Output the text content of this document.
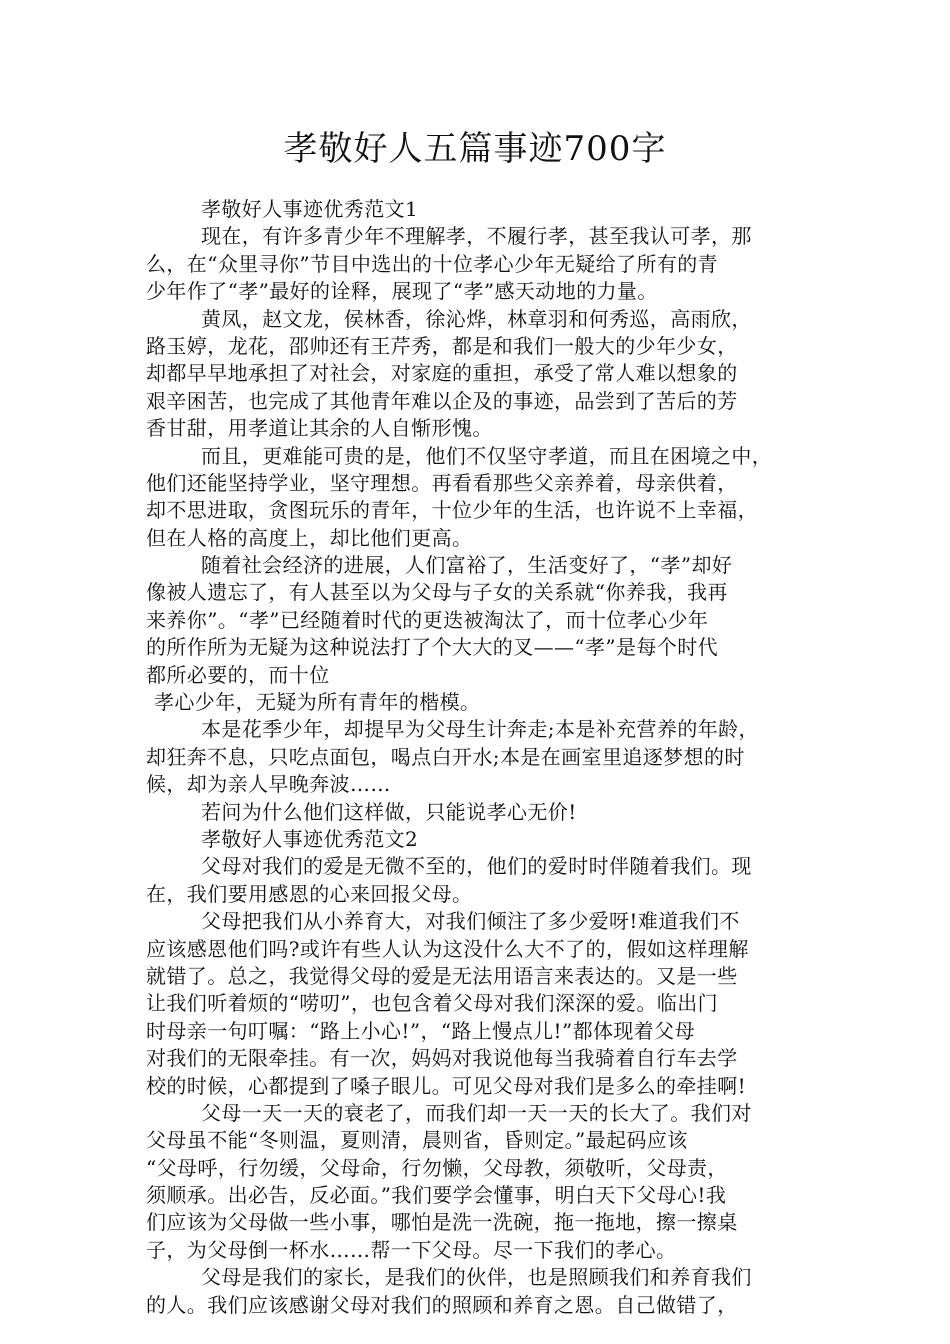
孝敬好人五篇事迹700字
孝敬好人事迹优秀范文1
现在，有许多青少年不理解孝，不履行孝，甚至我认可孝，那
么，在“众里寻你”节目中选出的十位孝心少年无疑给了所有的青
少年作了“孝”最好的诠释，展现了“孝”感天动地的力量。
黄凤，赵文龙，侯林香，徐沁烨，林章羽和何秀巡，高雨欣，
路玉婷，龙花，邵帅还有王芹秀，都是和我们一般大的少年少女，
却都早早地承担了对社会，对家庭的重担，承受了常人难以想象的
艰辛困苦，也完成了其他青年难以企及的事迹，品尝到了苦后的芳
香甘甜，用孝道让其余的人自惭形愧。
而且，更难能可贵的是，他们不仅坚守孝道，而且在困境之中，
他们还能坚持学业，坚守理想。再看看那些父亲养着，母亲供着，
却不思进取，贪图玩乐的青年，十位少年的生活，也许说不上幸福，
但在人格的高度上，却比他们更高。
随着社会经济的进展，人们富裕了，生活变好了，“孝”却好
像被人遗忘了，有人甚至以为父母与子女的关系就“你养我，我再
来养你”。“孝”已经随着时代的更迭被淘汰了，而十位孝心少年
的所作所为无疑为这种说法打了个大大的叉——“孝”是每个时代
都所必要的，而十位
孝心少年，无疑为所有青年的楷模。
本是花季少年，却提早为父母生计奔走;本是补充营养的年龄，
却狂奔不息，只吃点面包，喝点白开水;本是在画室里追逐梦想的时
候，却为亲人早晚奔波……
若问为什么他们这样做，只能说孝心无价!
孝敬好人事迹优秀范文2
父母对我们的爱是无微不至的，他们的爱时时伴随着我们。现
在，我们要用感恩的心来回报父母。
父母把我们从小养育大，对我们倾注了多少爱呀!难道我们不
应该感恩他们吗?或许有些人认为这没什么大不了的，假如这样理解
就错了。总之，我觉得父母的爱是无法用语言来表达的。又是一些
让我们听着烦的“唠叨”，也包含着父母对我们深深的爱。临出门
时母亲一句叮嘱：“路上小心!”，“路上慢点儿!”都体现着父母
对我们的无限牵挂。有一次，妈妈对我说他每当我骑着自行车去学
校的时候，心都提到了嗓子眼儿。可见父母对我们是多么的牵挂啊!
父母一天一天的衰老了，而我们却一天一天的长大了。我们对
父母虽不能“冬则温，夏则清，晨则省，昏则定。”最起码应该
“父母呼，行勿缓，父母命，行勿懒，父母教，须敬听，父母责，
须顺承。出必告，反必面。”我们要学会懂事，明白天下父母心!我
们应该为父母做一些小事，哪怕是洗一洗碗，拖一拖地，擦一擦桌
子，为父母倒一杯水……帮一下父母。尽一下我们的孝心。
父母是我们的家长，是我们的伙伴，也是照顾我们和养育我们
的人。我们应该感谢父母对我们的照顾和养育之恩。自己做错了，
